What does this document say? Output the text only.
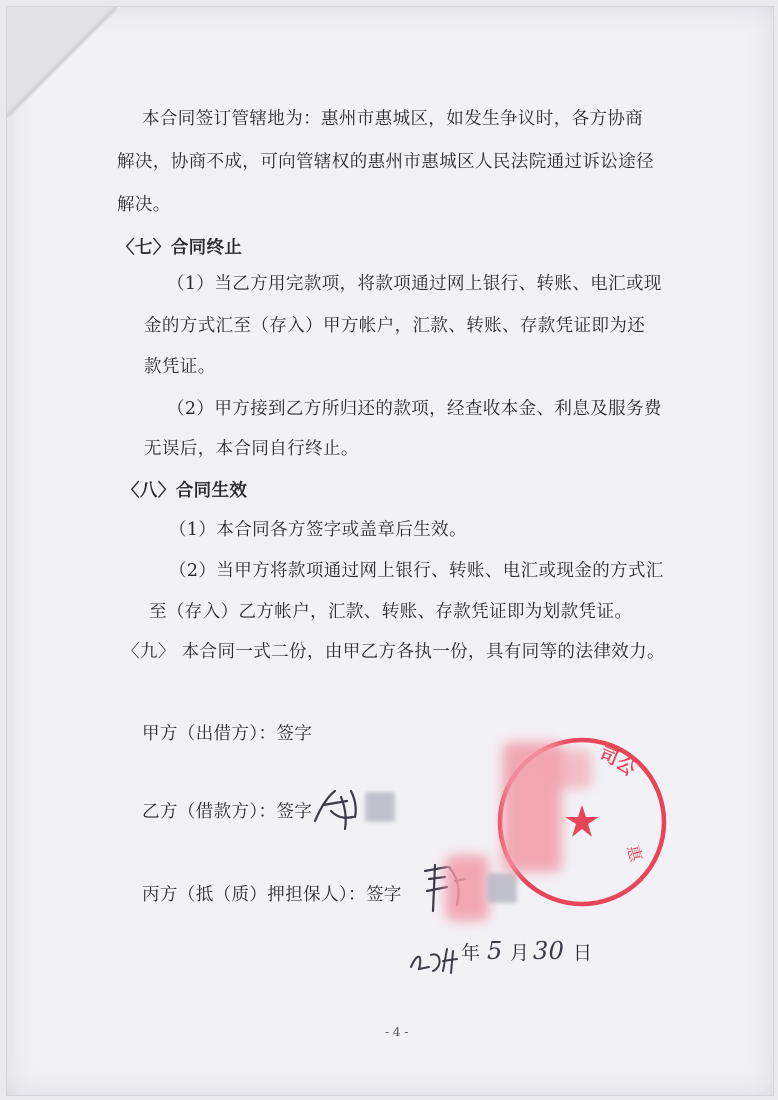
本合同签订管辖地为：惠州市惠城区，如发生争议时，各方协商
解决，协商不成，可向管辖权的惠州市惠城区人民法院通过诉讼途径
解决。
〈七〉合同终止
（1）当乙方用完款项，将款项通过网上银行、转账、电汇或现
金的方式汇至（存入）甲方帐户，汇款、转账、存款凭证即为还
款凭证。
（2）甲方接到乙方所归还的款项，经查收本金、利息及服务费
无误后，本合同自行终止。
〈八〉合同生效
（1）本合同各方签字或盖章后生效。
（2）当甲方将款项通过网上银行、转账、电汇或现金的方式汇
至（存入）乙方帐户，汇款、转账、存款凭证即为划款凭证。
〈九〉 本合同一式二份，由甲乙方各执一份，具有同等的法律效力。
甲方（出借方）：签字
乙方（借款方）：签字
丙方（抵（质）押担保人）：签字
司公
惠
年 5 月 30 日
- 4 -
